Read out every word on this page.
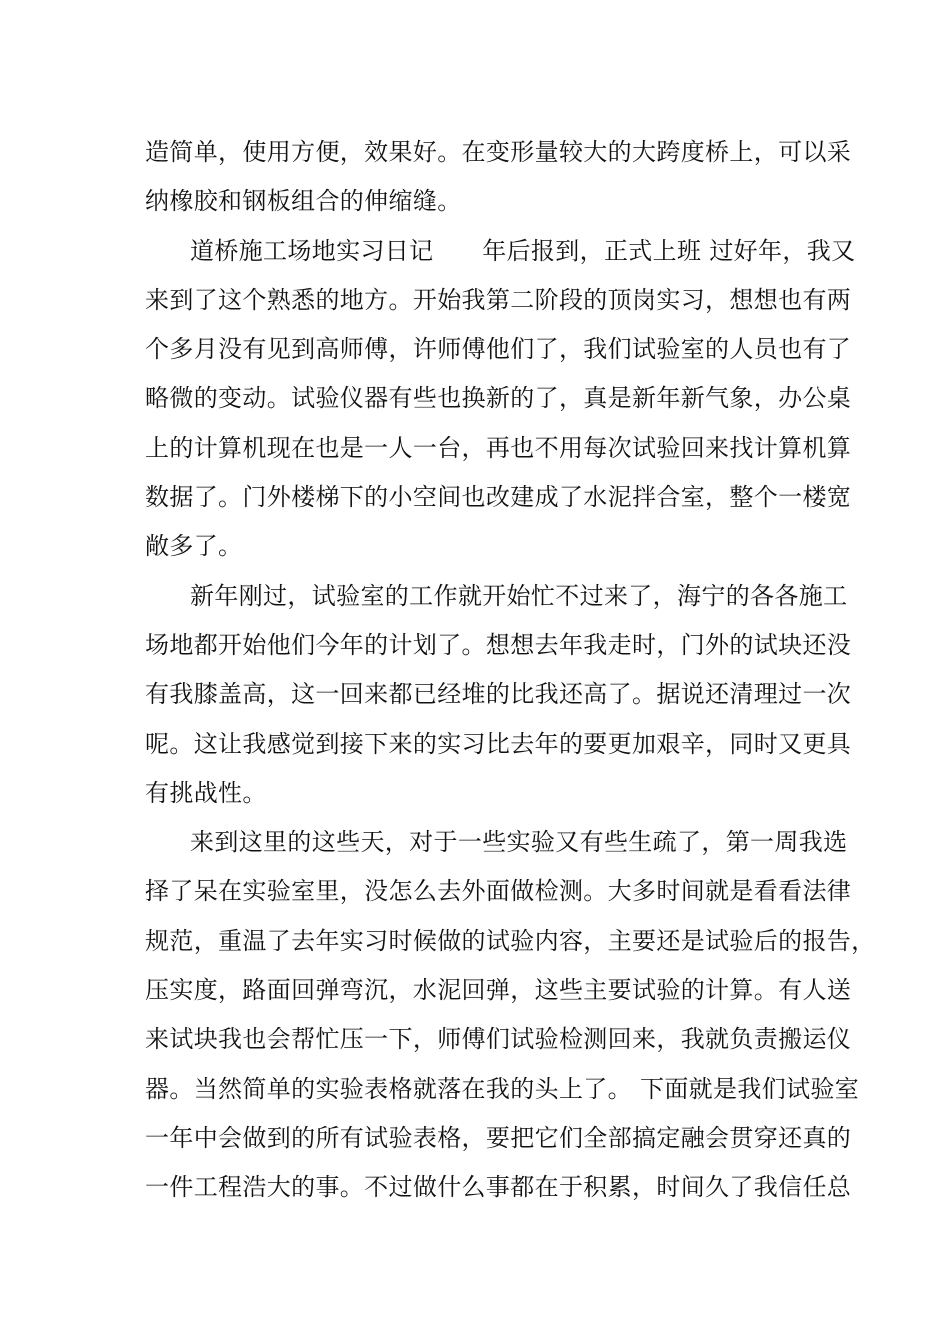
造简单，使用方便，效果好。在变形量较大的大跨度桥上，可以采
纳橡胶和钢板组合的伸缩缝。
道桥施工场地实习日记　　年后报到，正式上班 过好年，我又
来到了这个熟悉的地方。开始我第二阶段的顶岗实习，想想也有两
个多月没有见到高师傅，许师傅他们了，我们试验室的人员也有了
略微的变动。试验仪器有些也换新的了，真是新年新气象，办公桌
上的计算机现在也是一人一台，再也不用每次试验回来找计算机算
数据了。门外楼梯下的小空间也改建成了水泥拌合室，整个一楼宽
敞多了。
新年刚过，试验室的工作就开始忙不过来了，海宁的各各施工
场地都开始他们今年的计划了。想想去年我走时，门外的试块还没
有我膝盖高，这一回来都已经堆的比我还高了。据说还清理过一次
呢。这让我感觉到接下来的实习比去年的要更加艰辛，同时又更具
有挑战性。
来到这里的这些天，对于一些实验又有些生疏了，第一周我选
择了呆在实验室里，没怎么去外面做检测。大多时间就是看看法律
规范，重温了去年实习时候做的试验内容，主要还是试验后的报告，
压实度，路面回弹弯沉，水泥回弹，这些主要试验的计算。有人送
来试块我也会帮忙压一下，师傅们试验检测回来，我就负责搬运仪
器。当然简单的实验表格就落在我的头上了。 下面就是我们试验室
一年中会做到的所有试验表格，要把它们全部搞定融会贯穿还真的
一件工程浩大的事。不过做什么事都在于积累，时间久了我信任总
